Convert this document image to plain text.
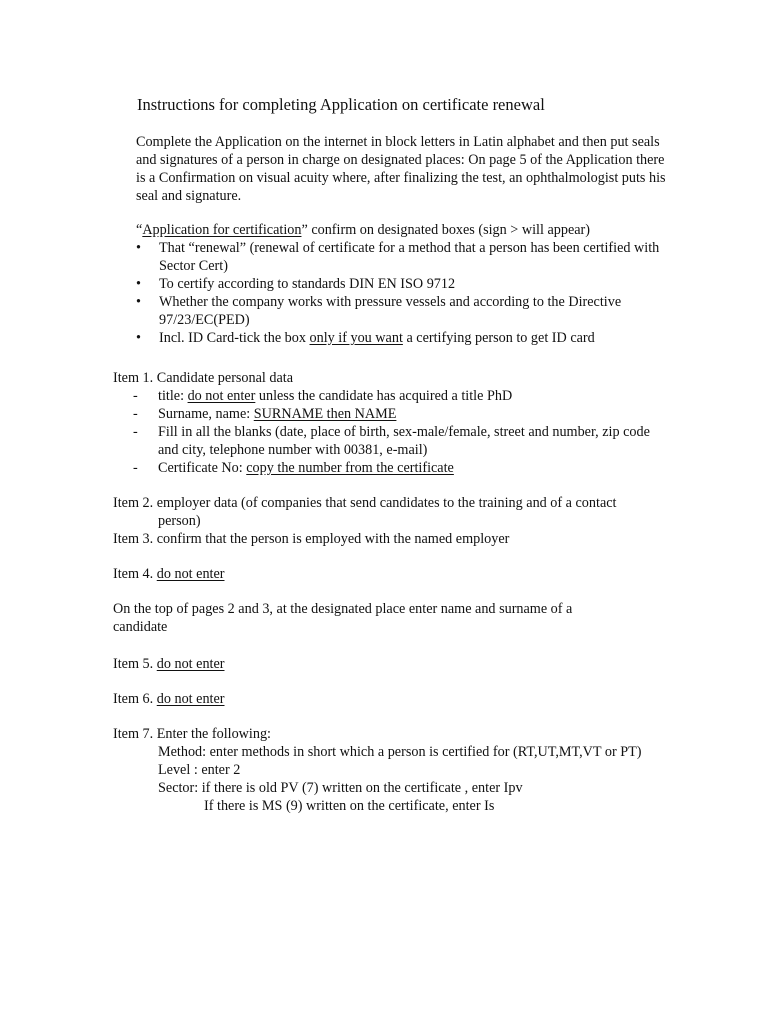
Instructions for completing Application on certificate renewal

Complete the Application on the internet in block letters in Latin alphabet and then put seals and signatures of a person in charge on designated places: On page 5 of the Application there is a Confirmation on visual acuity where, after finalizing the test, an ophthalmologist puts his seal and signature.

“Application for certification” confirm on designated boxes (sign > will appear)
• That “renewal” (renewal of certificate for a method that a person has been certified with Sector Cert)
• To certify according to standards DIN EN ISO 9712
• Whether the company works with pressure vessels and according to the Directive 97/23/EC(PED)
• Incl. ID Card-tick the box only if you want a certifying person to get ID card

Item 1. Candidate personal data

- title: do not enter unless the candidate has acquired a title PhD
- Surname, name: SURNAME then NAME
- Fill in all the blanks (date, place of birth, sex-male/female, street and number, zip code and city, telephone number with 00381, e-mail)
- Certificate No: copy the number from the certificate

Item 2. employer data (of companies that send candidates to the training and of a contact

person)

Item 3. confirm that the person is employed with the named employer

Item 4. do not enter

On the top of pages 2 and 3, at the designated place enter name and surname of a candidate

Item 5. do not enter

Item 6. do not enter

Item 7. Enter the following:

Method: enter methods in short which a person is certified for (RT,UT,MT,VT or PT)

Level : enter 2

Sector: if there is old PV (7) written on the certificate , enter Ipv

If there is MS (9) written on the certificate, enter Is
